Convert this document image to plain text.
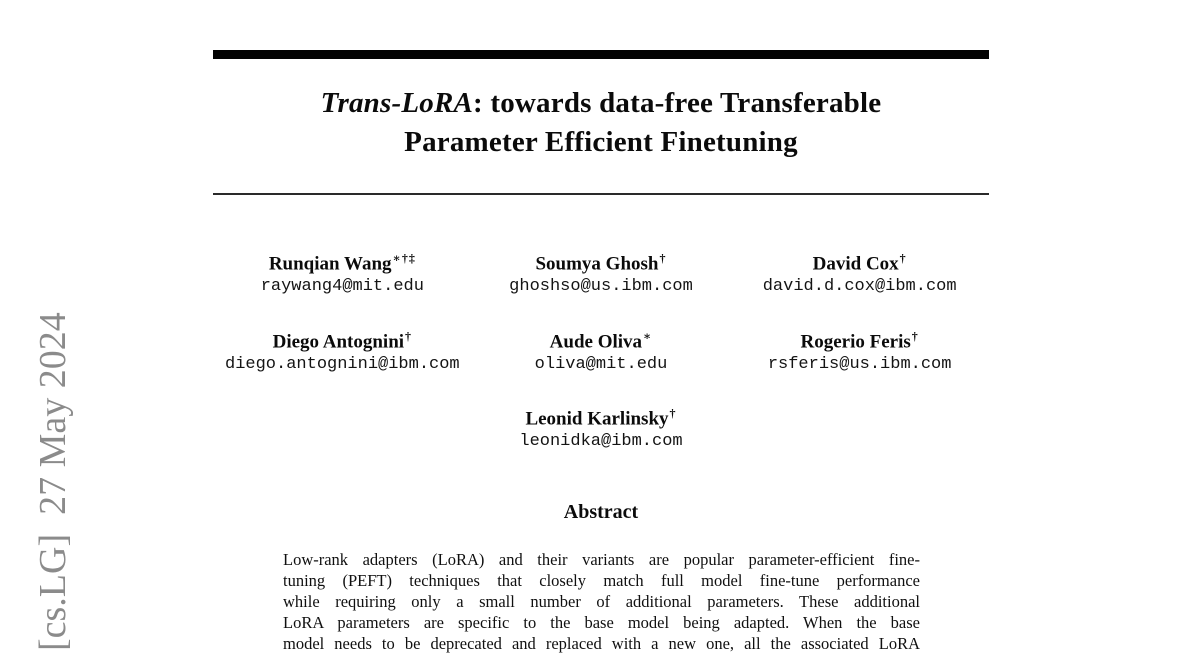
[cs.LG]  27 May 2024
Trans-LoRA: towards data-free Transferable
Parameter Efficient Finetuning
Runqian Wang∗†‡
raywang4@mit.edu
Soumya Ghosh†
ghoshso@us.ibm.com
David Cox†
david.d.cox@ibm.com
Diego Antognini†
diego.antognini@ibm.com
Aude Oliva∗
oliva@mit.edu
Rogerio Feris†
rsferis@us.ibm.com
Leonid Karlinsky†
leonidka@ibm.com
Abstract
Low-rank adapters (LoRA) and their variants are popular parameter-efficient fine-
tuning (PEFT) techniques that closely match full model fine-tune performance
while requiring only a small number of additional parameters. These additional
LoRA parameters are specific to the base model being adapted. When the base
model needs to be deprecated and replaced with a new one, all the associated LoRA
